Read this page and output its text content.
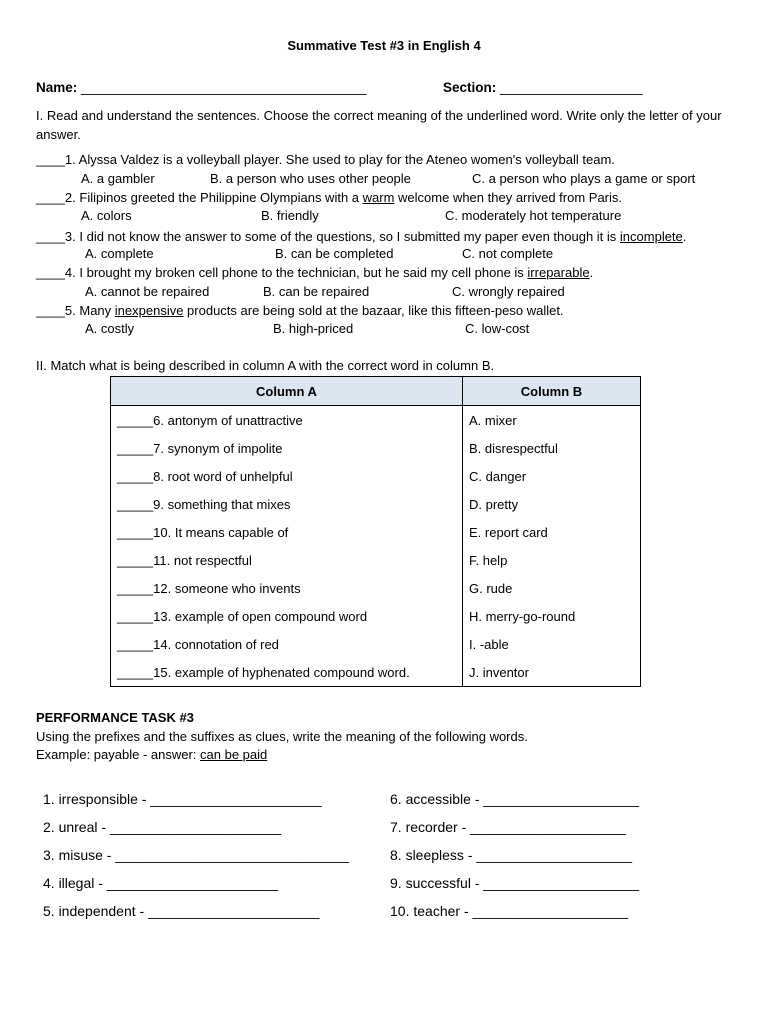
Summative Test #3 in English 4
Name: ______________________________________	Section: ___________________
I. Read and understand the sentences. Choose the correct meaning of the underlined word. Write only the letter of your answer.
____1. Alyssa Valdez is a volleyball player. She used to play for the Ateneo women's volleyball team.
A. a gambler	B. a person who uses other people	C. a person who plays a game or sport
____2. Filipinos greeted the Philippine Olympians with a warm welcome when they arrived from Paris.
A. colors	B. friendly	C. moderately hot temperature
____3. I did not know the answer to some of the questions, so I submitted my paper even though it is incomplete.
A. complete	B. can be completed	C. not complete
____4. I brought my broken cell phone to the technician, but he said my cell phone is irreparable.
A. cannot be repaired	B. can be repaired	C. wrongly repaired
____5. Many inexpensive products are being sold at the bazaar, like this fifteen-peso wallet.
A. costly	B. high-priced	C. low-cost
II. Match what is being described in column A with the correct word in column B.
Column A	Column B
_____6. antonym of unattractive	A. mixer
_____7. synonym of impolite	B. disrespectful
_____8. root word of unhelpful	C. danger
_____9. something that mixes	D. pretty
_____10. It means capable of	E. report card
_____11. not respectful	F. help
_____12. someone who invents	G. rude
_____13. example of open compound word	H. merry-go-round
_____14. connotation of red	I. -able
_____15. example of hyphenated compound word.	J. inventor
PERFORMANCE TASK #3
Using the prefixes and the suffixes as clues, write the meaning of the following words.
Example: payable - answer: can be paid
1. irresponsible - ______________________
2. unreal - ______________________
3. misuse - ______________________________
4. illegal - ______________________
5. independent - ______________________
6. accessible - ____________________
7. recorder - ____________________
8. sleepless - ____________________
9. successful - ____________________
10. teacher - ____________________
